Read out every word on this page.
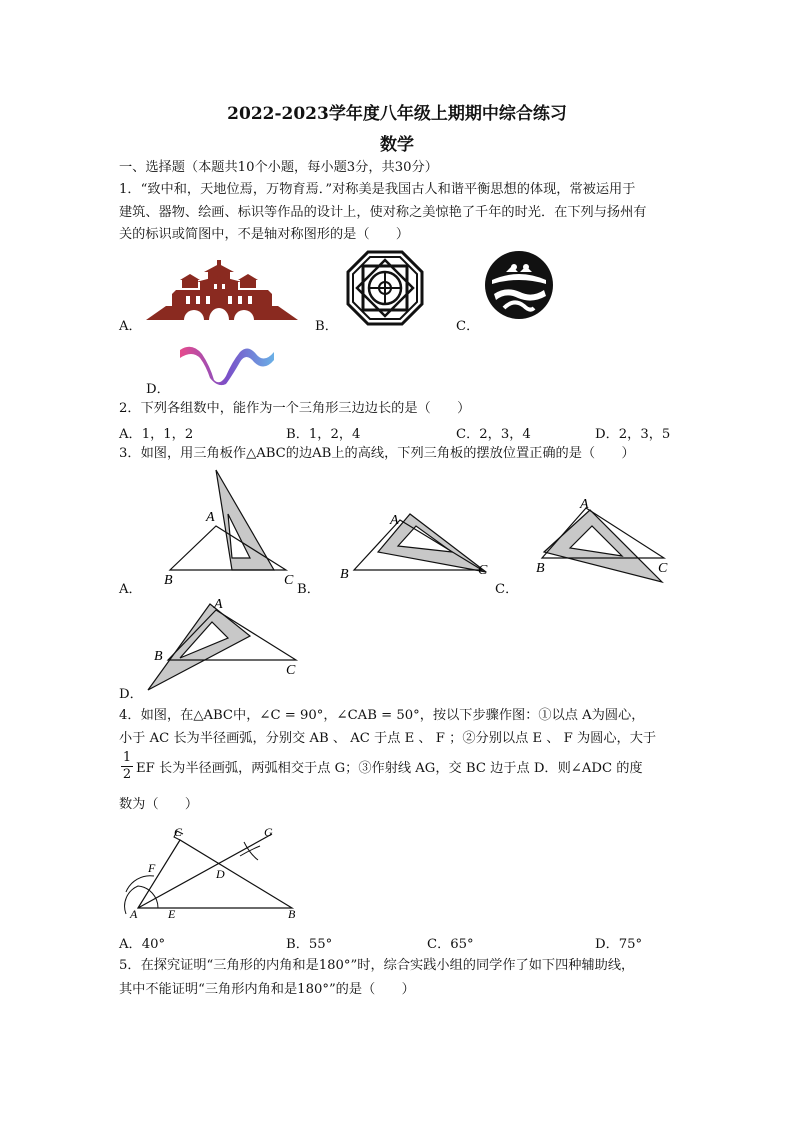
2022-2023学年度八年级上期期中综合练习
数学
一、选择题（本题共10个小题，每小题3分，共30分）
1．“致中和，天地位焉，万物育焉．”对称美是我国古人和谐平衡思想的体现，常被运用于
建筑、器物、绘画、标识等作品的设计上，使对称之美惊艳了千年的时光．在下列与扬州有
关的标识或简图中，不是轴对称图形的是（　　）
A．	B．	C．
D．
2．下列各组数中，能作为一个三角形三边边长的是（　　）
A．1，1，2	B．1，2，4	C．2，3，4	D．2，3，5
3．如图，用三角板作△ABC的边AB上的高线，下列三角板的摆放位置正确的是（　　）
A
B	C
A．	B．
A
B	C
C．
A
B	C
A
B
C
D．
4．如图，在△ABC中，∠C = 90°，∠CAB = 50°，按以下步骤作图：①以点 A为圆心，
小于 AC 长为半径画弧，分别交 AB 、 AC 于点 E 、 F ；②分别以点 E 、 F 为圆心，大于
$\frac{1}{2}$ EF 长为半径画弧，两弧相交于点 G；③作射线 AG，交 BC 边于点 D．则∠ADC 的度
数为（　　）
C	G
F	D
A	E	B
A．40°	B．55°	C．65°	D．75°
5．在探究证明“三角形的内角和是180°”时，综合实践小组的同学作了如下四种辅助线，
其中不能证明“三角形内角和是180°”的是（　　）
